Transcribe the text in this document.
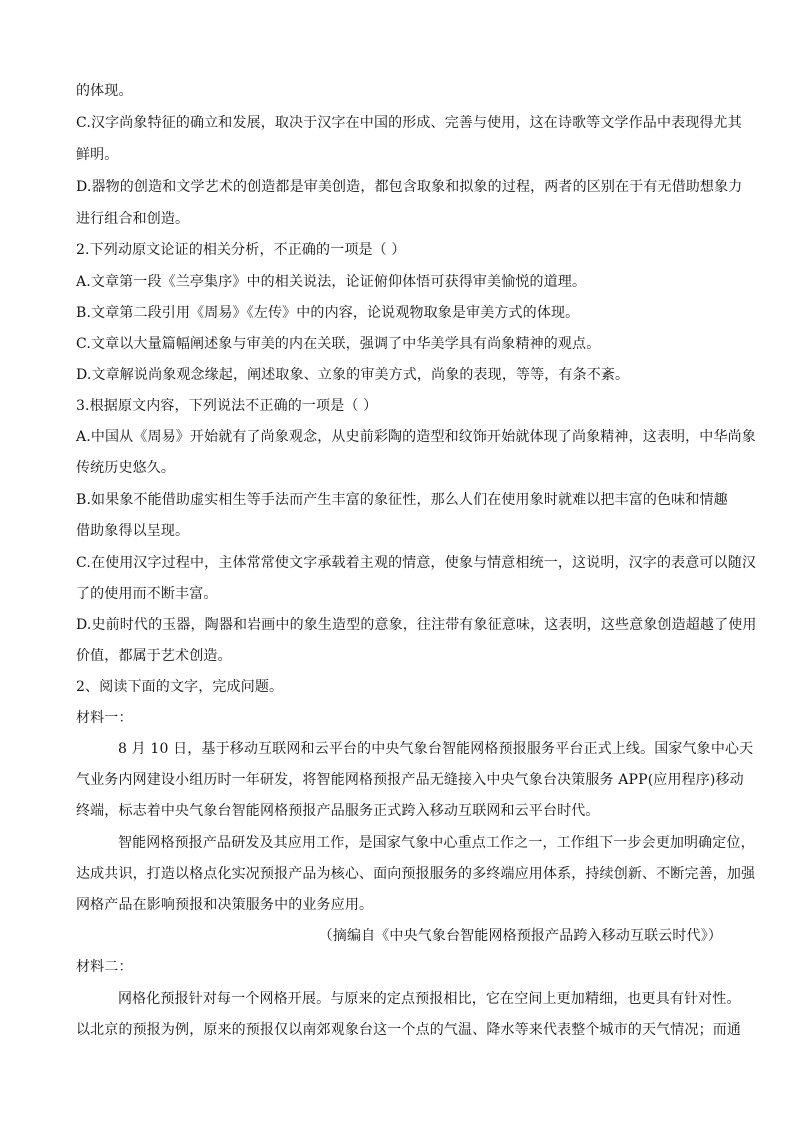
的体现。
C.汉字尚象特征的确立和发展，取决于汉字在中国的形成、完善与使用，这在诗歌等文学作品中表现得尤其
鲜明。
D.器物的创造和文学艺术的创造都是审美创造，都包含取象和拟象的过程，两者的区别在于有无借助想象力
进行组合和创造。
2.下列动原文论证的相关分析，不正确的一项是（ ）
A.文章第一段《兰亭集序》中的相关说法，论证俯仰体悟可获得审美愉悦的道理。
B.文章第二段引用《周易》《左传》中的内容，论说观物取象是审美方式的体现。
C.文章以大量篇幅阐述象与审美的内在关联，强调了中华美学具有尚象精神的观点。
D.文章解说尚象观念缘起，阐述取象、立象的审美方式，尚象的表现，等等，有条不紊。
3.根据原文内容，下列说法不正确的一项是（ ）
A.中国从《周易》开始就有了尚象观念，从史前彩陶的造型和纹饰开始就体现了尚象精神，这表明，中华尚象
传统历史悠久。
B.如果象不能借助虚实相生等手法而产生丰富的象征性，那么人们在使用象时就难以把丰富的色味和情趣
借助象得以呈现。
C.在使用汉字过程中，主体常常使文字承载着主观的情意，使象与情意相统一，这说明，汉字的表意可以随汉
了的使用而不断丰富。
D.史前时代的玉器，陶器和岩画中的象生造型的意象，往注带有象征意味，这表明，这些意象创造超越了使用
价值，都属于艺术创造。
2、阅读下面的文字，完成问题。
材料一：
8 月 10 日，基于移动互联网和云平台的中央气象台智能网格预报服务平台正式上线。国家气象中心天
气业务内网建设小组历时一年研发，将智能网格预报产品无缝接入中央气象台决策服务 APP(应用程序)移动
终端，标志着中央气象台智能网格预报产品服务正式跨入移动互联网和云平台时代。
智能网格预报产品研发及其应用工作，是国家气象中心重点工作之一，工作组下一步会更加明确定位，
达成共识，打造以格点化实况预报产品为核心、面向预报服务的多终端应用体系，持续创新、不断完善，加强
网格产品在影响预报和决策服务中的业务应用。
（摘编自《中央气象台智能网格预报产品跨入移动互联云时代》）
材料二：
网格化预报针对每一个网格开展。与原来的定点预报相比，它在空间上更加精细，也更具有针对性。
以北京的预报为例，原来的预报仅以南郊观象台这一个点的气温、降水等来代表整个城市的天气情况；而通
